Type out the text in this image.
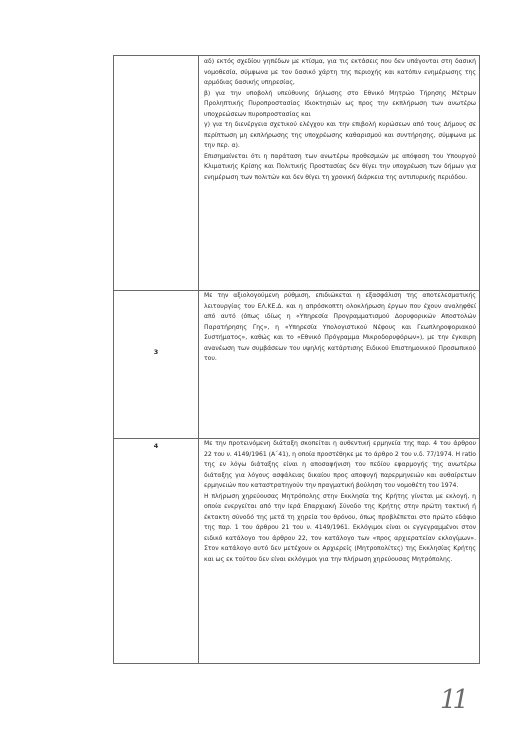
	αδ) εκτός σχεδίου γηπέδων με κτίσμα, για τις εκτάσεις που δεν υπάγονται στη δασική νομοθεσία, σύμφωνα με τον δασικό χάρτη της περιοχής και κατόπιν ενημέρωσης της αρμόδιας δασικής υπηρεσίας,

β) για την υποβολή υπεύθυνης δήλωσης στο Εθνικό Μητρώο Τήρησης Μέτρων Προληπτικής Πυροπροστασίας Ιδιοκτησιών ως προς την εκπλήρωση των ανωτέρω υποχρεώσεων πυροπροστασίας και

γ) για τη διενέργεια σχετικού ελέγχου και την επιβολή κυρώσεων από τους Δήμους σε περίπτωση μη εκπλήρωσης της υποχρέωσης καθαρισμού και συντήρησης, σύμφωνα με την περ. α).

Επισημαίνεται ότι η παράταση των ανωτέρω προθεσμιών με απόφαση του Υπουργού Κλιματικής Κρίσης και Πολιτικής Προστασίας δεν θίγει την υποχρέωση των δήμων για ενημέρωση των πολιτών και δεν θίγει τη χρονική διάρκεια της αντιπυρικής περιόδου.

3	Με την αξιολογούμενη ρύθμιση, επιδιώκεται η εξασφάλιση της αποτελεσματικής λειτουργίας του ΕΛ.ΚΕ.Δ. και η απρόσκοπτη ολοκλήρωση έργων που έχουν αναληφθεί από αυτό (όπως ιδίως η «Υπηρεσία Προγραμματισμού Δορυφορικών Αποστολών Παρατήρησης Γης», η «Υπηρεσία Υπολογιστικού Νέφους και Γεωπληροφοριακού Συστήματος», καθώς και το «Εθνικό Πρόγραμμα Μικροδορυφόρων»), με την έγκαιρη ανανέωση των συμβάσεων του υψηλής κατάρτισης Ειδικού Επιστημονικού Προσωπικού του.

4	Με την προτεινόμενη διάταξη σκοπείται η αυθεντική ερμηνεία της παρ. 4 του άρθρου 22 του ν. 4149/1961 (Α΄41), η οποία προστέθηκε με το άρθρο 2 του ν.δ. 77/1974. Η ratio της εν λόγω διάταξης είναι η αποσαφήνιση του πεδίου εφαρμογής της ανωτέρω διάταξης για λόγους ασφάλειας δικαίου προς αποφυγή παρερμηνειών και αυθαίρετων ερμηνειών που καταστρατηγούν την πραγματική βούληση του νομοθέτη του 1974.

Η πλήρωση χηρεύουσας Μητρόπολης στην Εκκλησία της Κρήτης γίνεται με εκλογή, η οποία ενεργείται από την Ιερά Επαρχιακή Σύνοδο της Κρήτης στην πρώτη τακτική ή έκτακτη σύνοδό της μετά τη χηρεία του θρόνου, όπως προβλέπεται στο πρώτο εδάφιο της παρ. 1 του άρθρου 21 του ν. 4149/1961. Εκλόγιμοι είναι οι εγγεγραμμένοι στον ειδικό κατάλογο του άρθρου 22, τον κατάλογο των «προς αρχιερατείαν εκλογίμων». Στον κατάλογο αυτό δεν μετέχουν οι Αρχιερείς (Μητροπολίτες) της Εκκλησίας Κρήτης και ως εκ τούτου δεν είναι εκλόγιμοι για την πλήρωση χηρεύουσας Μητρόπολης.

11
